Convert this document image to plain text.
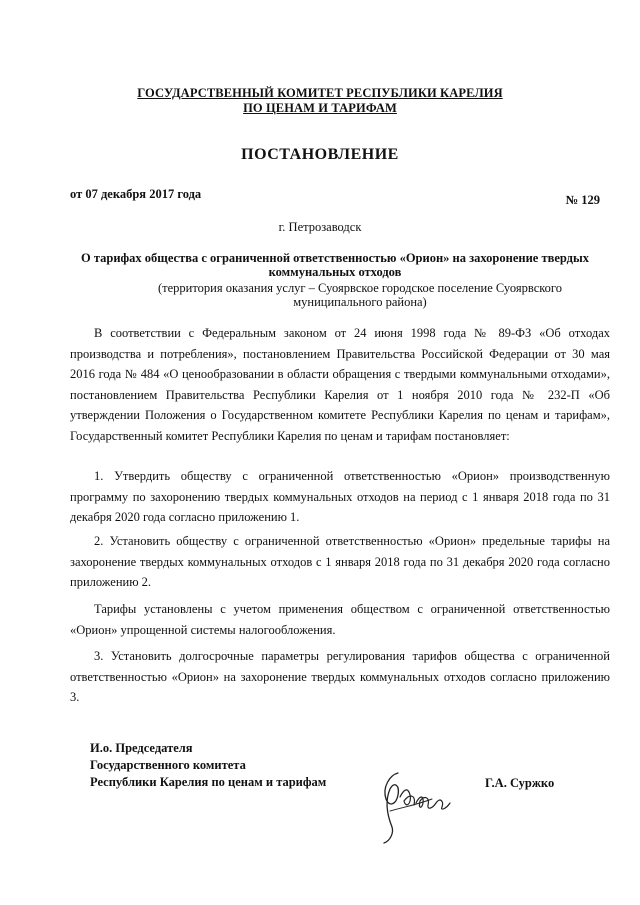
ГОСУДАРСТВЕННЫЙ КОМИТЕТ РЕСПУБЛИКИ КАРЕЛИЯ
ПО ЦЕНАМ И ТАРИФАМ
ПОСТАНОВЛЕНИЕ
от 07 декабря 2017 года	№ 129
г. Петрозаводск
О тарифах общества с ограниченной ответственностью «Орион» на захоронение твердых коммунальных отходов
(территория оказания услуг – Суоярвское городское поселение Суоярвского муниципального района)
В соответствии с Федеральным законом от 24 июня 1998 года № 89-ФЗ «Об отходах производства и потребления», постановлением Правительства Российской Федерации от 30 мая 2016 года № 484 «О ценообразовании в области обращения с твердыми коммунальными отходами», постановлением Правительства Республики Карелия от 1 ноября 2010 года № 232-П «Об утверждении Положения о Государственном комитете Республики Карелия по ценам и тарифам», Государственный комитет Республики Карелия по ценам и тарифам постановляет:
1. Утвердить обществу с ограниченной ответственностью «Орион» производственную программу по захоронению твердых коммунальных отходов на период с 1 января 2018 года по 31 декабря 2020 года согласно приложению 1.
2. Установить обществу с ограниченной ответственностью «Орион» предельные тарифы на захоронение твердых коммунальных отходов с 1 января 2018 года по 31 декабря 2020 года согласно приложению 2.
Тарифы установлены с учетом применения обществом с ограниченной ответственностью «Орион» упрощенной системы налогообложения.
3. Установить долгосрочные параметры регулирования тарифов общества с ограниченной ответственностью «Орион» на захоронение твердых коммунальных отходов согласно приложению 3.
И.о. Председателя
Государственного комитета
Республики Карелия по ценам и тарифам	Г.А. Суржко
